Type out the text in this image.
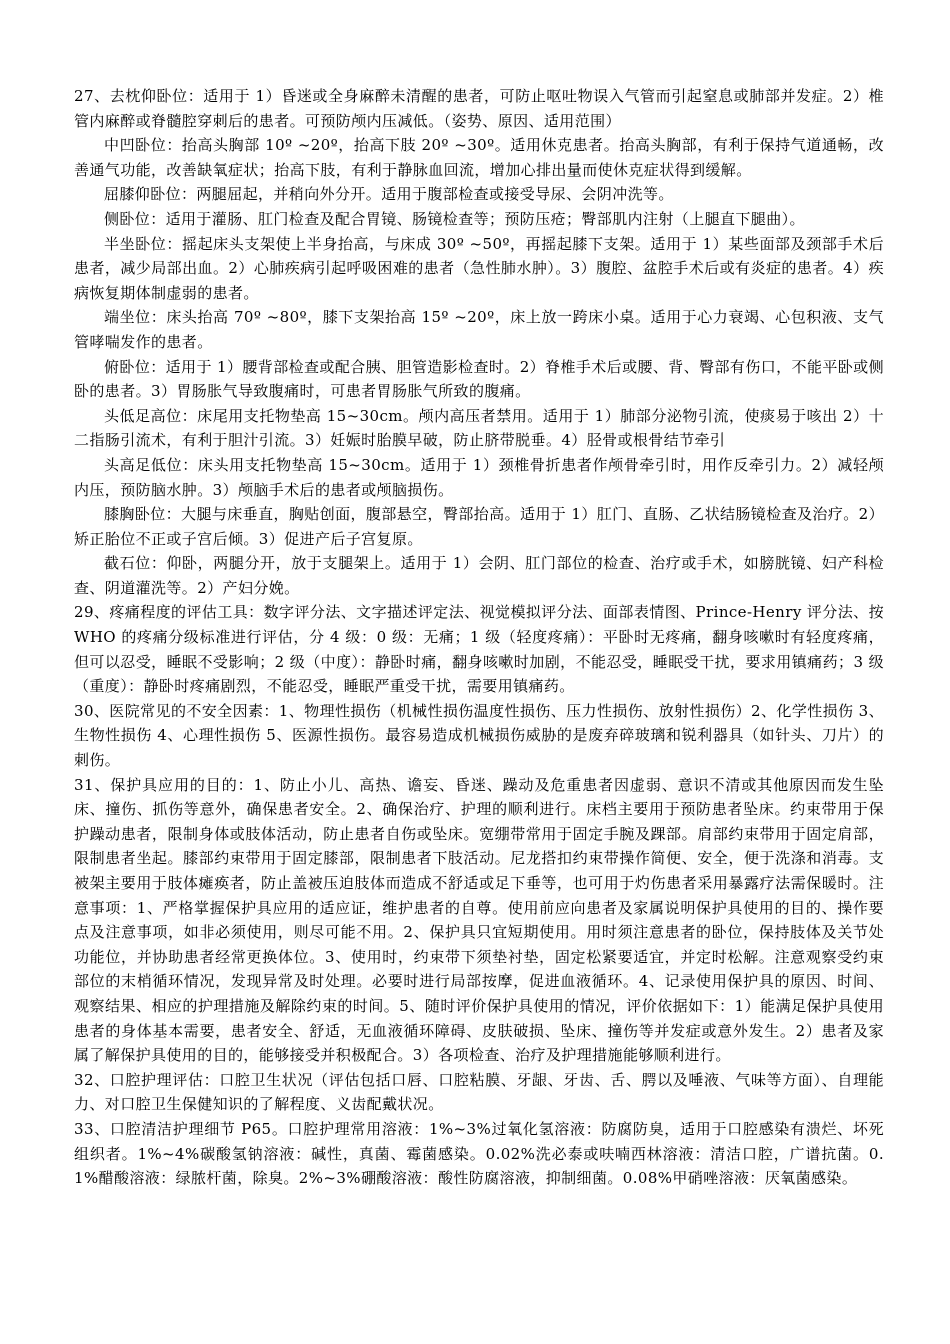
27、去枕仰卧位：适用于 1）昏迷或全身麻醉未清醒的患者，可防止呕吐物误入气管而引起窒息或肺部并发症。2）椎管内麻醉或脊髓腔穿刺后的患者。可预防颅内压减低。（姿势、原因、适用范围）

中凹卧位：抬高头胸部 10º ~20º，抬高下肢 20º ~30º。适用休克患者。抬高头胸部，有利于保持气道通畅，改善通气功能，改善缺氧症状；抬高下肢，有利于静脉血回流，增加心排出量而使休克症状得到缓解。

屈膝仰卧位：两腿屈起，并稍向外分开。适用于腹部检查或接受导尿、会阴冲洗等。

侧卧位：适用于灌肠、肛门检查及配合胃镜、肠镜检查等；预防压疮；臀部肌内注射（上腿直下腿曲）。

半坐卧位：摇起床头支架使上半身抬高，与床成 30º ~50º，再摇起膝下支架。适用于 1）某些面部及颈部手术后患者，减少局部出血。2）心肺疾病引起呼吸困难的患者（急性肺水肿）。3）腹腔、盆腔手术后或有炎症的患者。4）疾病恢复期体制虚弱的患者。

端坐位：床头抬高 70º ~80º，膝下支架抬高 15º ~20º，床上放一跨床小桌。适用于心力衰竭、心包积液、支气管哮喘发作的患者。

俯卧位：适用于 1）腰背部检查或配合胰、胆管造影检查时。2）脊椎手术后或腰、背、臀部有伤口，不能平卧或侧卧的患者。3）胃肠胀气导致腹痛时，可患者胃肠胀气所致的腹痛。

头低足高位：床尾用支托物垫高 15~30cm。颅内高压者禁用。适用于 1）肺部分泌物引流，使痰易于咳出 2）十二指肠引流术，有利于胆汁引流。3）妊娠时胎膜早破，防止脐带脱垂。4）胫骨或根骨结节牵引

头高足低位：床头用支托物垫高 15~30cm。适用于 1）颈椎骨折患者作颅骨牵引时，用作反牵引力。2）减轻颅内压，预防脑水肿。3）颅脑手术后的患者或颅脑损伤。

膝胸卧位：大腿与床垂直，胸贴创面，腹部悬空，臀部抬高。适用于 1）肛门、直肠、乙状结肠镜检查及治疗。2）矫正胎位不正或子宫后倾。3）促进产后子宫复原。

截石位：仰卧，两腿分开，放于支腿架上。适用于 1）会阴、肛门部位的检查、治疗或手术，如膀胱镜、妇产科检查、阴道灌洗等。2）产妇分娩。

29、疼痛程度的评估工具：数字评分法、文字描述评定法、视觉模拟评分法、面部表情图、Prince-Henry 评分法、按 WHO 的疼痛分级标准进行评估，分 4 级：0 级：无痛；1 级（轻度疼痛）：平卧时无疼痛，翻身咳嗽时有轻度疼痛，但可以忍受，睡眠不受影响；2 级（中度）：静卧时痛，翻身咳嗽时加剧，不能忍受，睡眠受干扰，要求用镇痛药；3 级（重度）：静卧时疼痛剧烈，不能忍受，睡眠严重受干扰，需要用镇痛药。

30、医院常见的不安全因素：1、物理性损伤（机械性损伤温度性损伤、压力性损伤、放射性损伤）2、化学性损伤 3、生物性损伤 4、心理性损伤 5、医源性损伤。最容易造成机械损伤威胁的是废弃碎玻璃和锐利器具（如针头、刀片）的刺伤。

31、保护具应用的目的：1、防止小儿、高热、谵妄、昏迷、躁动及危重患者因虚弱、意识不清或其他原因而发生坠床、撞伤、抓伤等意外，确保患者安全。2、确保治疗、护理的顺利进行。床档主要用于预防患者坠床。约束带用于保护躁动患者，限制身体或肢体活动，防止患者自伤或坠床。宽绷带常用于固定手腕及踝部。肩部约束带用于固定肩部，限制患者坐起。膝部约束带用于固定膝部，限制患者下肢活动。尼龙搭扣约束带操作简便、安全，便于洗涤和消毒。支被架主要用于肢体瘫痪者，防止盖被压迫肢体而造成不舒适或足下垂等，也可用于灼伤患者采用暴露疗法需保暖时。注意事项：1、严格掌握保护具应用的适应证，维护患者的自尊。使用前应向患者及家属说明保护具使用的目的、操作要点及注意事项，如非必须使用，则尽可能不用。2、保护具只宜短期使用。用时须注意患者的卧位，保持肢体及关节处功能位，并协助患者经常更换体位。3、使用时，约束带下须垫衬垫，固定松紧要适宜，并定时松解。注意观察受约束部位的末梢循环情况，发现异常及时处理。必要时进行局部按摩，促进血液循环。4、记录使用保护具的原因、时间、观察结果、相应的护理措施及解除约束的时间。5、随时评价保护具使用的情况，评价依据如下：1）能满足保护具使用患者的身体基本需要，患者安全、舒适，无血液循环障碍、皮肤破损、坠床、撞伤等并发症或意外发生。2）患者及家属了解保护具使用的目的，能够接受并积极配合。3）各项检查、治疗及护理措施能够顺利进行。

32、口腔护理评估：口腔卫生状况（评估包括口唇、口腔粘膜、牙龈、牙齿、舌、腭以及唾液、气味等方面）、自理能力、对口腔卫生保健知识的了解程度、义齿配戴状况。

33、口腔清洁护理细节 P65。口腔护理常用溶液：1%~3%过氧化氢溶液：防腐防臭，适用于口腔感染有溃烂、坏死组织者。1%~4%碳酸氢钠溶液：碱性，真菌、霉菌感染。0.02%洗必泰或呋喃西林溶液：清洁口腔，广谱抗菌。0.1%醋酸溶液：绿脓杆菌，除臭。2%~3%硼酸溶液：酸性防腐溶液，抑制细菌。0.08%甲硝唑溶液：厌氧菌感染。
